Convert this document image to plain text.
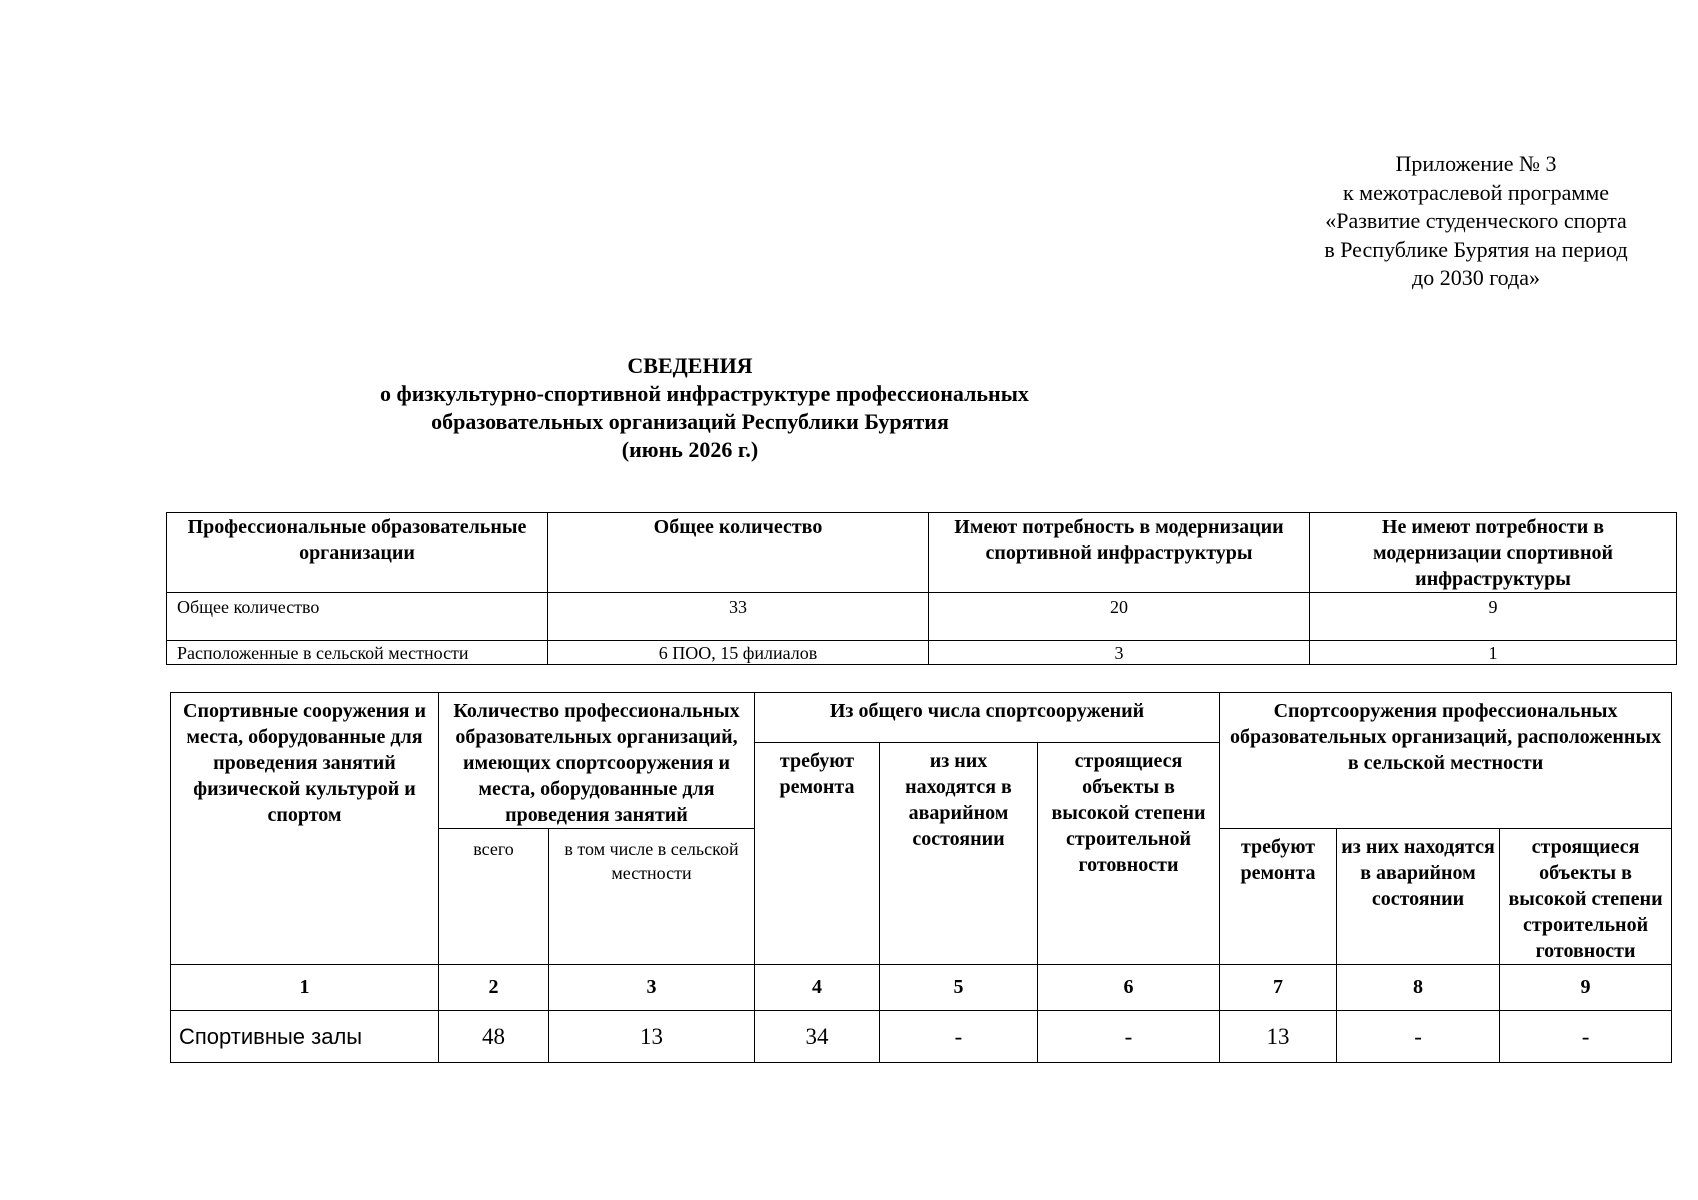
Приложение № 3
к межотраслевой программе
«Развитие студенческого спорта
в Республике Бурятия на период
до 2030 года»
СВЕДЕНИЯ
о физкультурно-спортивной инфраструктуре профессиональных
образовательных организаций Республики Бурятия
(июнь 2026 г.)
Профессиональные образовательные организации	Общее количество	Имеют потребность в модернизации спортивной инфраструктуры	Не имеют потребности в модернизации спортивной инфраструктуры
Общее количество	33	20	9
Расположенные в сельской местности	6 ПОО, 15 филиалов	3	1
Спортивные сооружения и места, оборудованные для проведения занятий физической культурой и спортом	Количество профессиональных образовательных организаций, имеющих спортсооружения и места, оборудованные для проведения занятий		Из общего числа спортсооружений			Спортсооружения профессиональных образовательных организаций, расположенных в сельской местности		
			требуют ремонта	из них находятся в аварийном состоянии	строящиеся объекты в высокой степени строительной готовности			
	всего	в том числе в сельской местности				требуют ремонта	из них находятся в аварийном состоянии	строящиеся объекты в высокой степени строительной готовности
1	2	3	4	5	6	7	8	9
Спортивные залы	48	13	34	-	-	13	-	-
